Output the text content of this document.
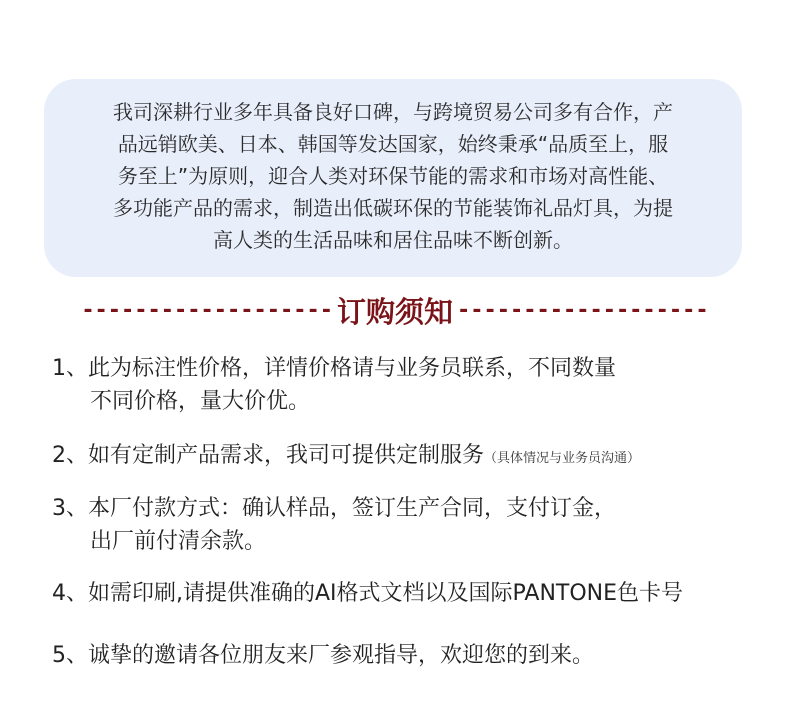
我司深耕行业多年具备良好口碑，与跨境贸易公司多有合作，产
品远销欧美、日本、韩国等发达国家，始终秉承“品质至上，服
务至上”为原则，迎合人类对环保节能的需求和市场对高性能、
多功能产品的需求，制造出低碳环保的节能装饰礼品灯具，为提
高人类的生活品味和居住品味不断创新。
------------------- 订购须知 -------------------
1、此为标注性价格，详情价格请与业务员联系，不同数量
不同价格，量大价优。
2、如有定制产品需求，我司可提供定制服务（具体情况与业务员沟通）
3、本厂付款方式：确认样品，签订生产合同，支付订金，
出厂前付清余款。
4、如需印刷,请提供准确的AI格式文档以及国际PANTONE色卡号
5、诚挚的邀请各位朋友来厂参观指导，欢迎您的到来。
